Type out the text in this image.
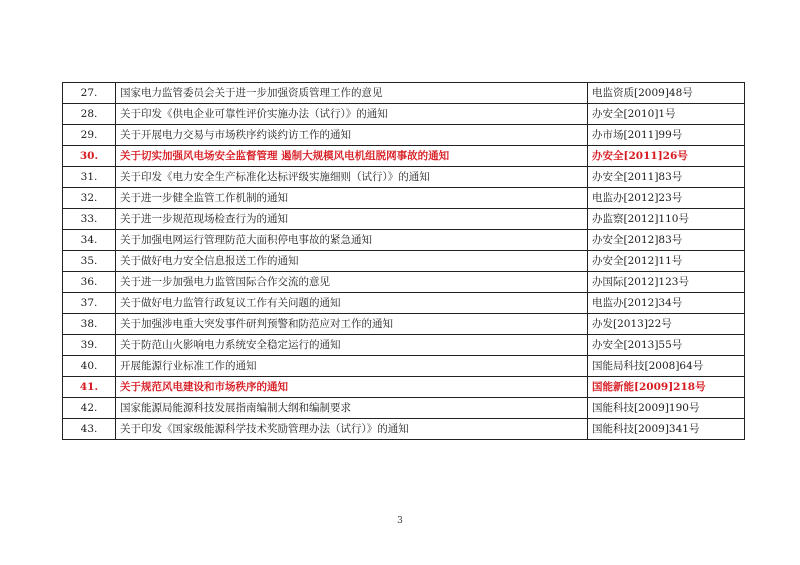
27.	国家电力监管委员会关于进一步加强资质管理工作的意见	电监资质[2009]48号
28.	关于印发《供电企业可靠性评价实施办法（试行）》的通知	办安全[2010]1号
29.	关于开展电力交易与市场秩序约谈约访工作的通知	办市场[2011]99号
30.	关于切实加强风电场安全监督管理 遏制大规模风电机组脱网事故的通知	办安全[2011]26号
31.	关于印发《电力安全生产标准化达标评级实施细则（试行）》的通知	办安全[2011]83号
32.	关于进一步健全监管工作机制的通知	电监办[2012]23号
33.	关于进一步规范现场检查行为的通知	办监察[2012]110号
34.	关于加强电网运行管理防范大面积停电事故的紧急通知	办安全[2012]83号
35.	关于做好电力安全信息报送工作的通知	办安全[2012]11号
36.	关于进一步加强电力监管国际合作交流的意见	办国际[2012]123号
37.	关于做好电力监管行政复议工作有关问题的通知	电监办[2012]34号
38.	关于加强涉电重大突发事件研判预警和防范应对工作的通知	办发[2013]22号
39.	关于防范山火影响电力系统安全稳定运行的通知	办安全[2013]55号
40.	开展能源行业标准工作的通知	国能局科技[2008]64号
41.	关于规范风电建设和市场秩序的通知	国能新能[2009]218号
42.	国家能源局能源科技发展指南编制大纲和编制要求	国能科技[2009]190号
43.	关于印发《国家级能源科学技术奖励管理办法（试行）》的通知	国能科技[2009]341号
3
